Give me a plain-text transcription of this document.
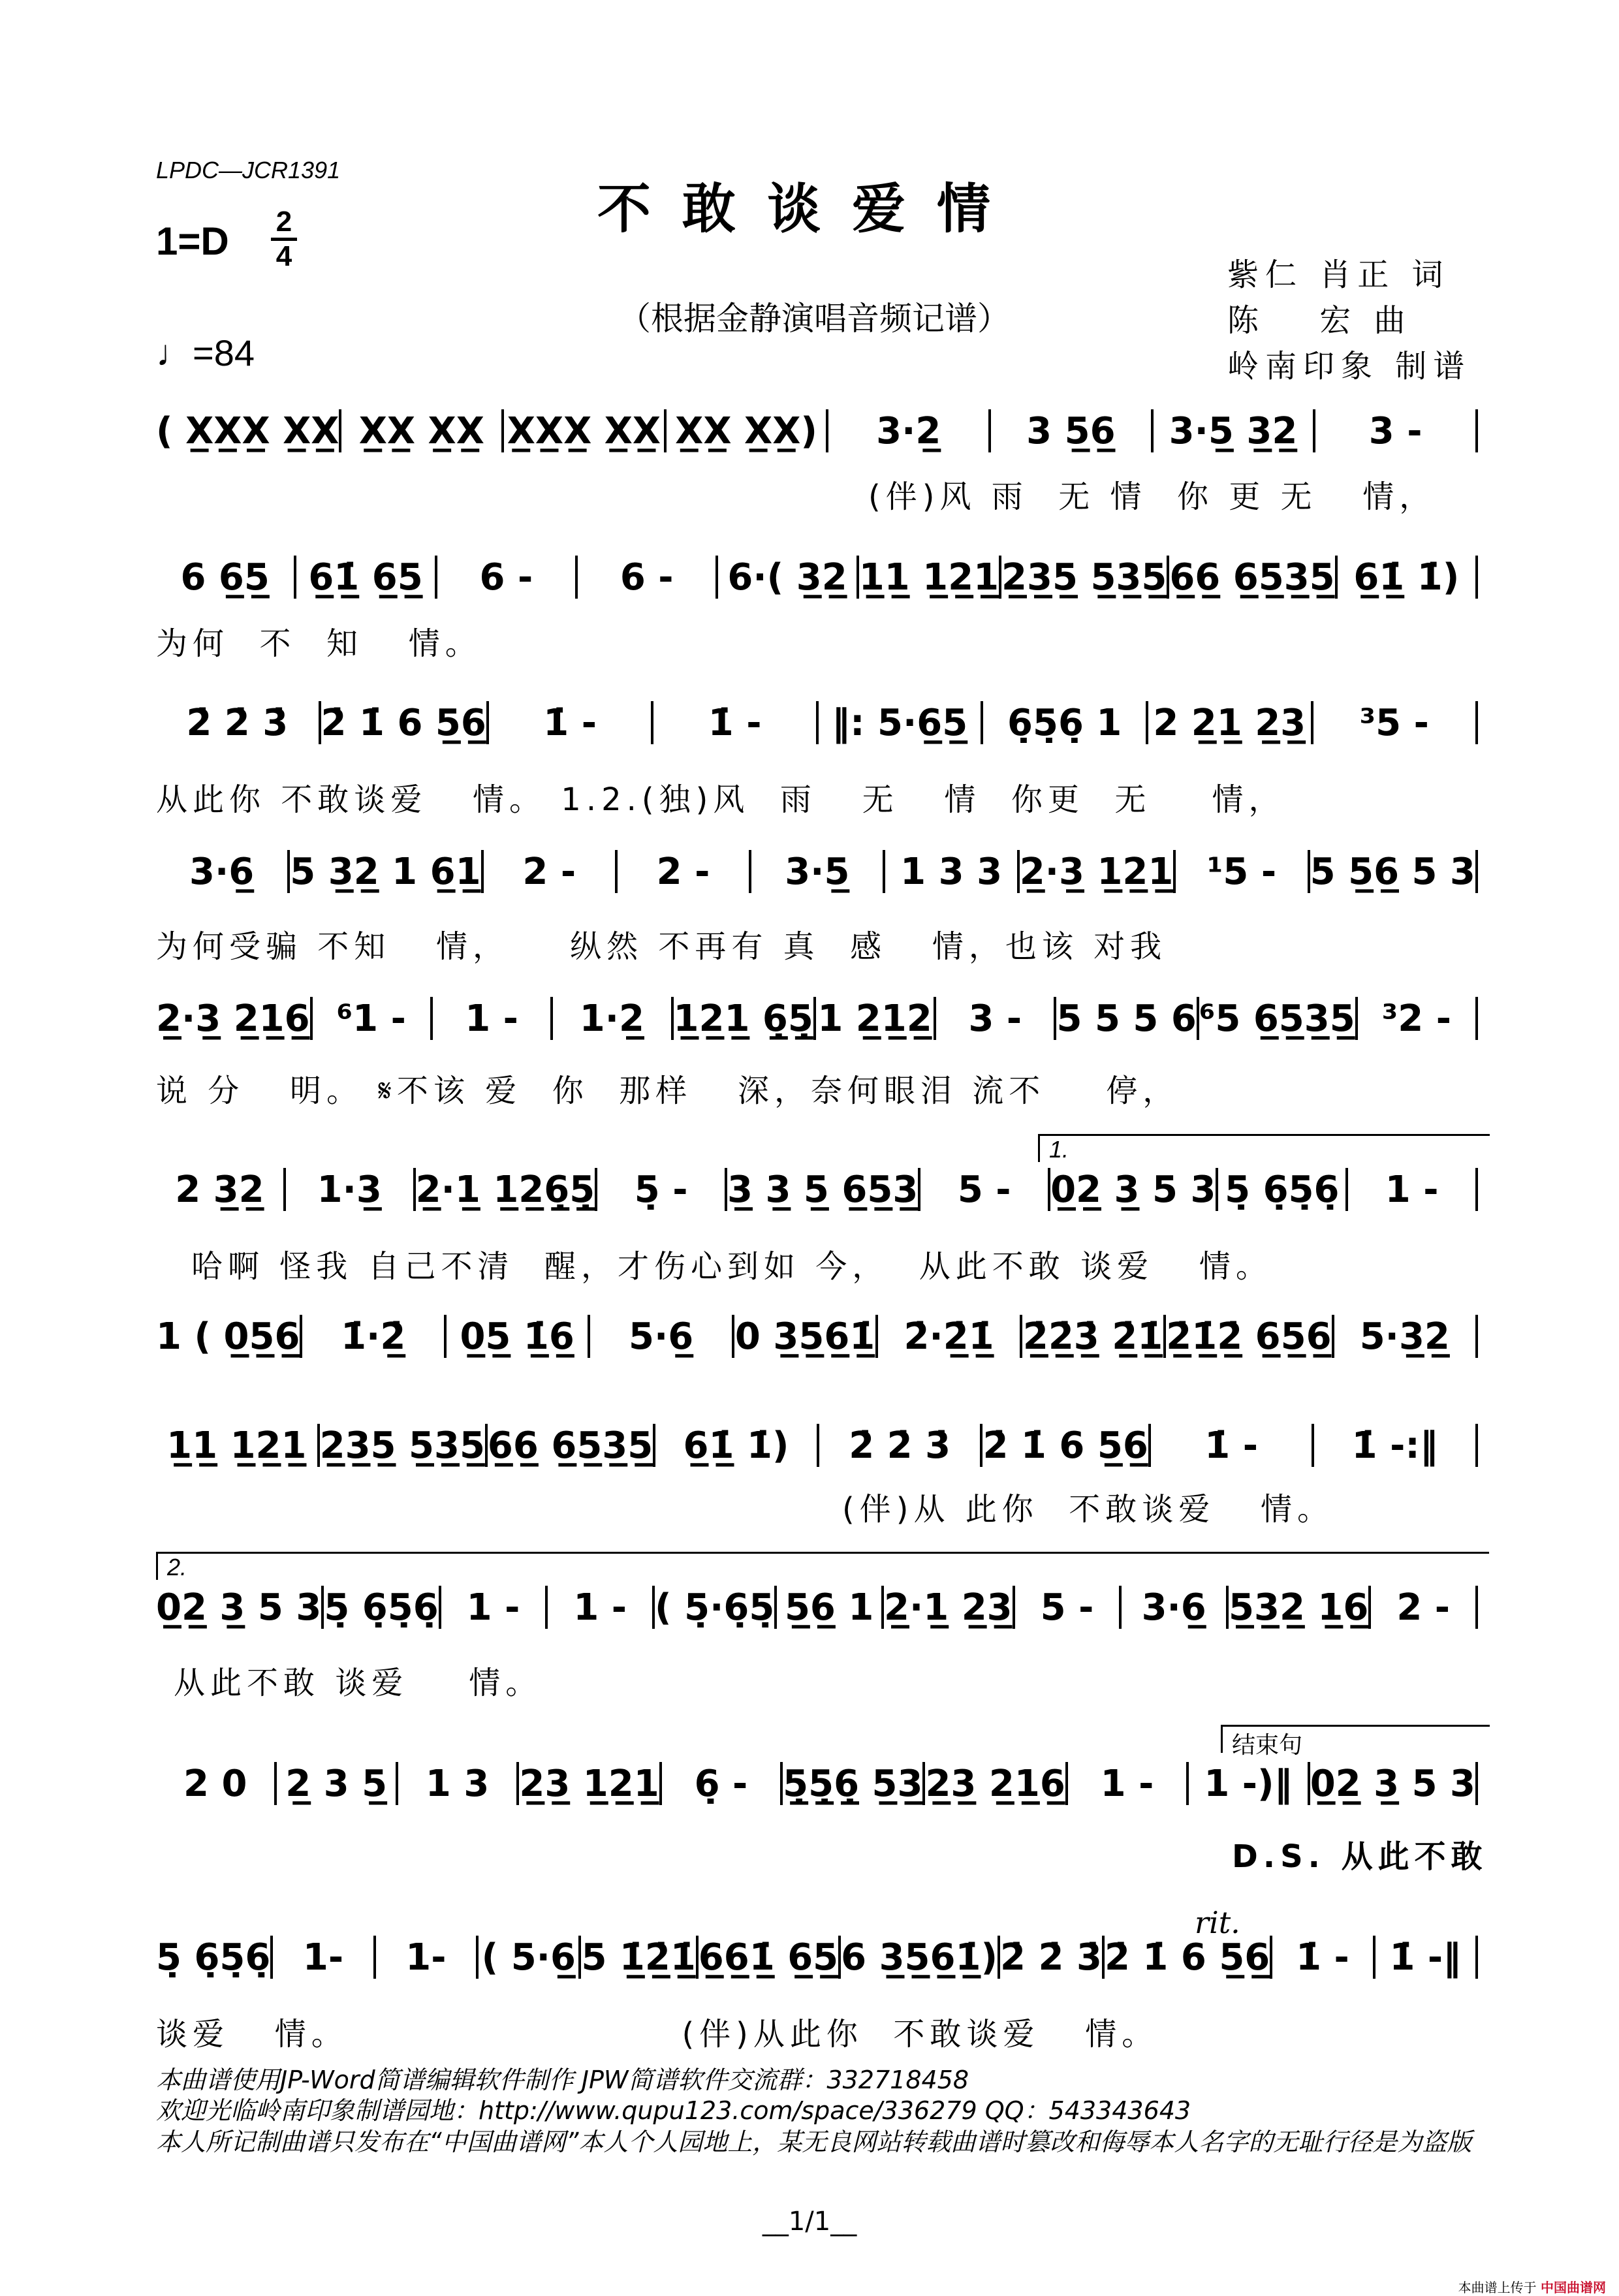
LPDC—JCR1391
不敢谈爱情
1=D 2
4
♩=84
（根据金静演唱音频记谱）
紫仁 肖正 词
陈　 宏 曲
岭南印象 制谱
( X̲X̲X̲ X̲X̲ X̲X̲ X̲X̲ X̲X̲X̲ X̲X̲ X̲X̲ X̲X̲)	3·2̲	3 5̲6̲	3·5̲ 3̲2̲	3 -
(伴)风 雨  无 情  你 更 无   情，
6 6̲5̲	6̲1̲̇ 6̲5̲	6 -	6 -	6·( 3̲2̲ 1̲1̲ 1̲2̲1̲ 2̲3̲5̲ 5̲3̲5̲ 6̲6̲ 6̲5̲3̲5̲ 6̲1̲̇ 1̇)
为何  不  知   情。
2̇ 2̇ 3̇ 2̇ 1̇ 6 5̲6̲	1̇ -	1̇ -	‖: 5·6̲5̲	6̣5̣6̣ 1 2 2̲1̲ 2̲3̲	³5 -
从此你 不敢谈爱   情。 1.2.(独)风  雨   无   情  你更  无    情，
3·6̲ 5 3̲2̲ 1 6̲1̲	2 -	2 -	3·5̲	1 3 3 2̲·3̲ 1̲2̲1̲ ¹5 - 5 5̲6̲ 5 3
为何受骗 不知   情，    纵然 不再有 真  感   情，也该 对我
2̲·3̲ 2̲1̲6̲ ⁶1 -	1 -	1·2̲ 1̲2̲1̲ 6̣̲5̣̲ 1 2̲1̲2̲ 3 - 5 5 5 6 ⁶5 6̲5̲3̲5̲ ³2 -
说 分   明。 𝄋不该 爱  你  那样   深，奈何眼泪 流不    停，
2 3̲2̲	1·3̲ 2̲·1̲ 1̲2̲6̣̲5̣̲	5̣ -	3̲ 3̲ 5̲ 6̲5̲3̲	5 -	0̲2̲ 3̲ 5 3 5̣ 6̣5̣6̣	1 -
哈啊 怪我 自己不清  醒，才伤心到如 今，  从此不敢 谈爱   情。
1.
1 ( 0̲5̲6̲	1̇·2̲̇	0̲5̲ 1̲̇6̲	5·6̲	0 3̲5̲6̲1̲̇ 2̇·2̲̇1̲̇ 2̲̇2̲̇3̲̇ 2̲̇1̲̇ 2̲̇1̲̇2̲̇ 6̲5̲6̲ 5·3̲2̲
1̲1̲ 1̲2̲1̲ 2̲3̲5̲ 5̲3̲5̲ 6̲6̲ 6̲5̲3̲5̲ 6̲1̲̇ 1̇)	2̇ 2̇ 3̇ 2̇ 1̇ 6 5̲6̲	1̇ -	1̇ -:‖
(伴)从 此你  不敢谈爱   情。
0̲2̲ 3̲ 5 3 5̣ 6̣5̣6̣ 1 -	1 - ( 5̣·6̣5̣ 5̲6̲ 1 2̲·1̲ 2̲3̲ 5 -	3·6̲ 5̲3̲2̲ 1̲6̲ 2 -
从此不敢 谈爱    情。
2.
2 0	2̲ 3 5̲	1 3 2̲3̲ 1̲2̲1̲ 6̣ - 5̣̲5̣̲6̣̲ 5̲3̲ 2̲3̲ 2̲1̲6̲ 1 -	1 -)‖ 0̲2̲ 3̲ 5 3
D.S. 从此不敢
结束句
5̣ 6̣5̣6̣ 1-	1- ( 5·6̲ 5 1̲̇2̲̇1̲̇ 6̲6̲1̲̇ 6̲5̲ 6 3̲5̲6̲1̲̇) 2̇ 2̇ 3̇ 2̇ 1̇ 6 5̲6̲ 1̇ -	1̇ -‖
谈爱   情。                      (伴)从此你  不敢谈爱   情。
rit.
本曲谱使用JP-Word简谱编辑软件制作 JPW简谱软件交流群：332718458
欢迎光临岭南印象制谱园地：http://www.qupu123.com/space/336279 QQ：543343643
本人所记制曲谱只发布在“中国曲谱网”本人个人园地上，某无良网站转载曲谱时篡改和侮辱本人名字的无耻行径是为盗版
__1/1__
本曲谱上传于 中国曲谱网
